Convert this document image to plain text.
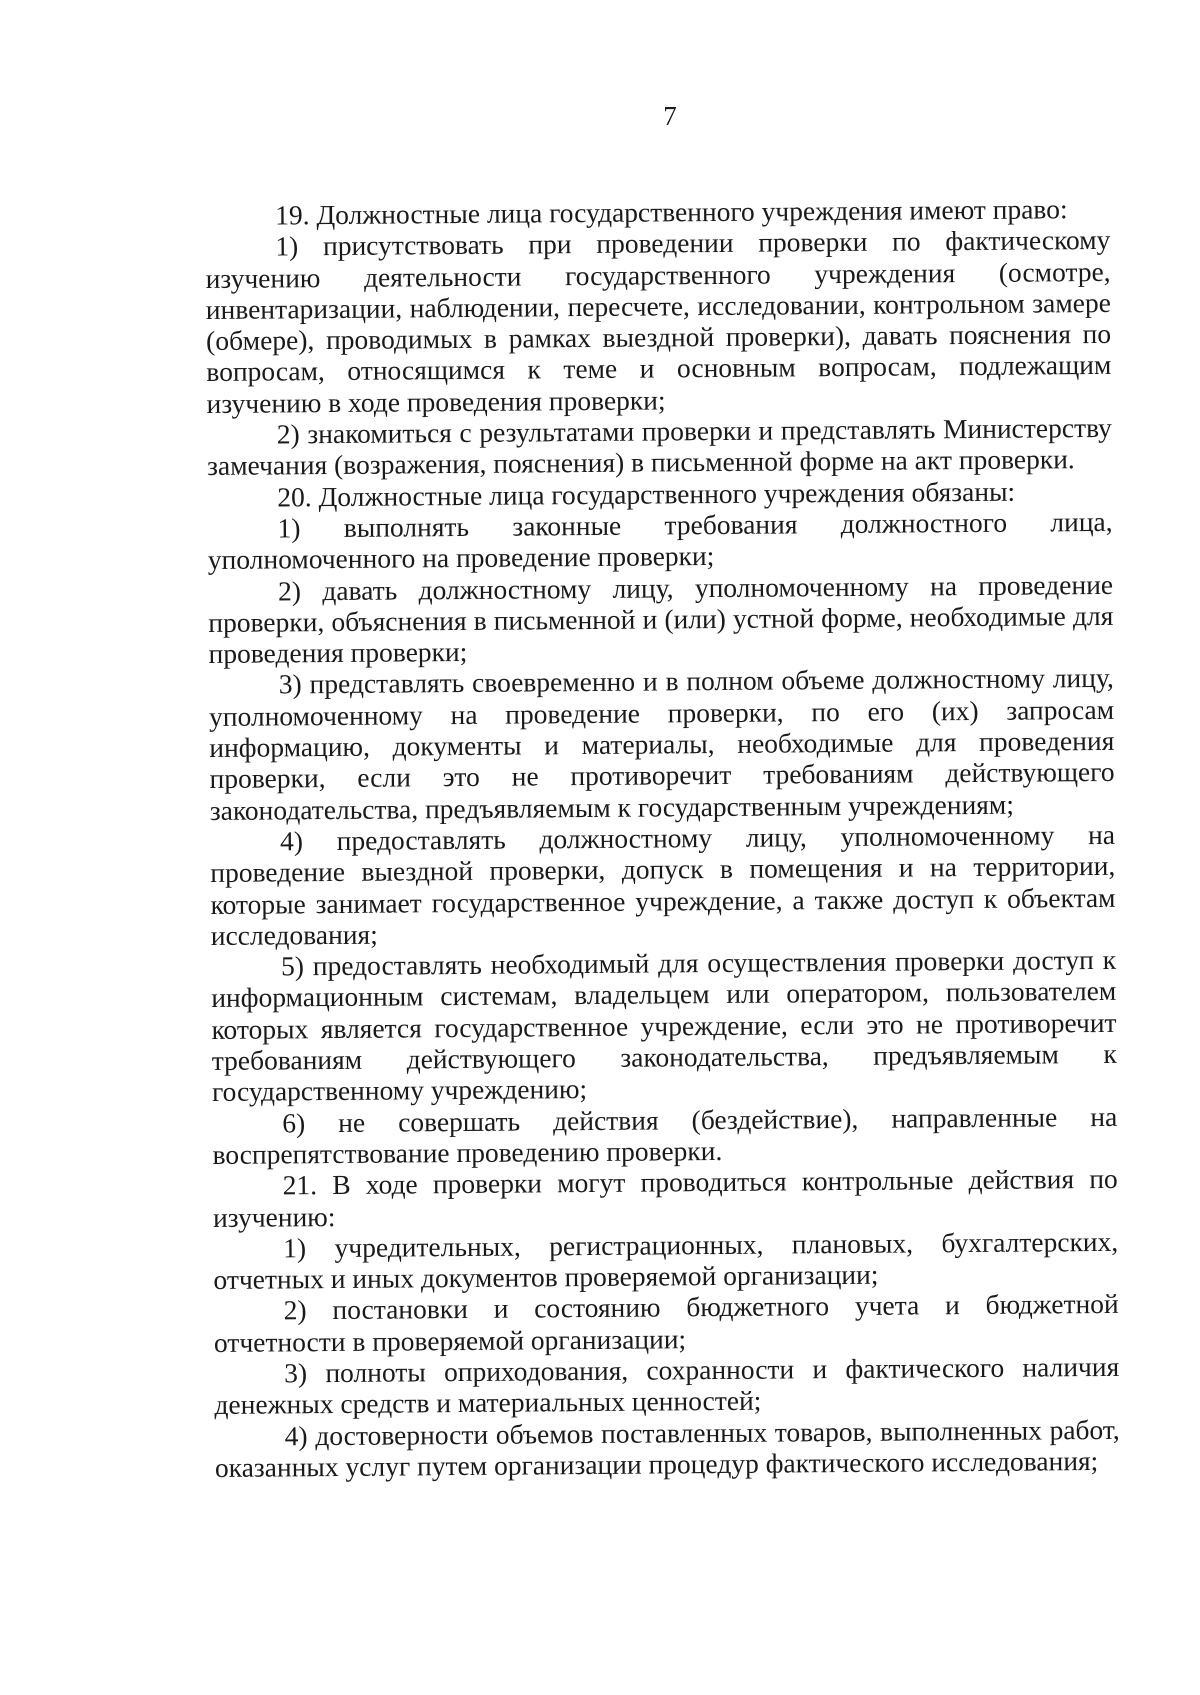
7

19. Должностные лица государственного учреждения имеют право:

1) присутствовать при проведении проверки по фактическому изучению деятельности государственного учреждения (осмотре, инвентаризации, наблюдении, пересчете, исследовании, контрольном замере (обмере), проводимых в рамках выездной проверки), давать пояснения по вопросам, относящимся к теме и основным вопросам, подлежащим изучению в ходе проведения проверки;

2) знакомиться с результатами проверки и представлять Министерству замечания (возражения, пояснения) в письменной форме на акт проверки.

20. Должностные лица государственного учреждения обязаны:

1) выполнять законные требования должностного лица, уполномоченного на проведение проверки;

2) давать должностному лицу, уполномоченному на проведение проверки, объяснения в письменной и (или) устной форме, необходимые для проведения проверки;

3) представлять своевременно и в полном объеме должностному лицу, уполномоченному на проведение проверки, по его (их) запросам информацию, документы и материалы, необходимые для проведения проверки, если это не противоречит требованиям действующего законодательства, предъявляемым к государственным учреждениям;

4) предоставлять должностному лицу, уполномоченному на проведение выездной проверки, допуск в помещения и на территории, которые занимает государственное учреждение, а также доступ к объектам исследования;

5) предоставлять необходимый для осуществления проверки доступ к информационным системам, владельцем или оператором, пользователем которых является государственное учреждение, если это не противоречит требованиям действующего законодательства, предъявляемым к государственному учреждению;

6) не совершать действия (бездействие), направленные на воспрепятствование проведению проверки.

21. В ходе проверки могут проводиться контрольные действия по изучению:

1) учредительных, регистрационных, плановых, бухгалтерских, отчетных и иных документов проверяемой организации;

2) постановки и состоянию бюджетного учета и бюджетной отчетности в проверяемой организации;

3) полноты оприходования, сохранности и фактического наличия денежных средств и материальных ценностей;

4) достоверности объемов поставленных товаров, выполненных работ, оказанных услуг путем организации процедур фактического исследования;
